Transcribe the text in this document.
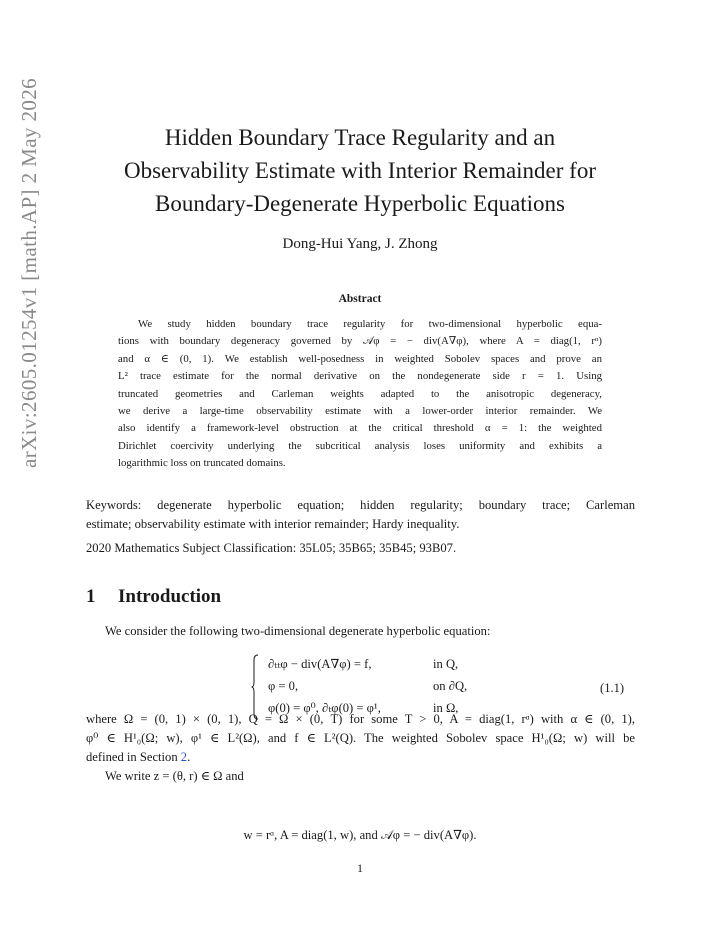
arXiv:2605.01254v1 [math.AP] 2 May 2026	Hidden Boundary Trace Regularity and an
Observability Estimate with Interior Remainder for
Boundary-Degenerate Hyperbolic Equations
Dong-Hui Yang, J. Zhong
Abstract
We study hidden boundary trace regularity for two-dimensional hyperbolic equa-
tions with boundary degeneracy governed by 𝒜φ = − div(A∇φ), where A = diag(1, rᵅ)
and α ∈ (0, 1). We establish well-posedness in weighted Sobolev spaces and prove an
L² trace estimate for the normal derivative on the nondegenerate side r = 1. Using
truncated geometries and Carleman weights adapted to the anisotropic degeneracy,
we derive a large-time observability estimate with a lower-order interior remainder. We
also identify a framework-level obstruction at the critical threshold α = 1: the weighted
Dirichlet coercivity underlying the subcritical analysis loses uniformity and exhibits a
logarithmic loss on truncated domains.
Keywords: degenerate hyperbolic equation; hidden regularity; boundary trace; Carleman
estimate; observability estimate with interior remainder; Hardy inequality.
2020 Mathematics Subject Classification: 35L05; 35B65; 35B45; 93B07.
1 Introduction
We consider the following two-dimensional degenerate hyperbolic equation:
∂ₜₜφ − div(A∇φ) = f,	in Q,
φ = 0,	on ∂Q,
φ(0) = φ⁰, ∂ₜφ(0) = φ¹,	in Ω,
(1.1)
where Ω = (0, 1) × (0, 1), Q = Ω × (0, T) for some T > 0, A = diag(1, rᵅ) with α ∈ (0, 1),
φ⁰ ∈ H¹₀(Ω; w), φ¹ ∈ L²(Ω), and f ∈ L²(Q). The weighted Sobolev space H¹₀(Ω; w) will be
defined in Section 2.
We write z = (θ, r) ∈ Ω and
w = rᵅ, A = diag(1, w), and 𝒜φ = − div(A∇φ).
1
